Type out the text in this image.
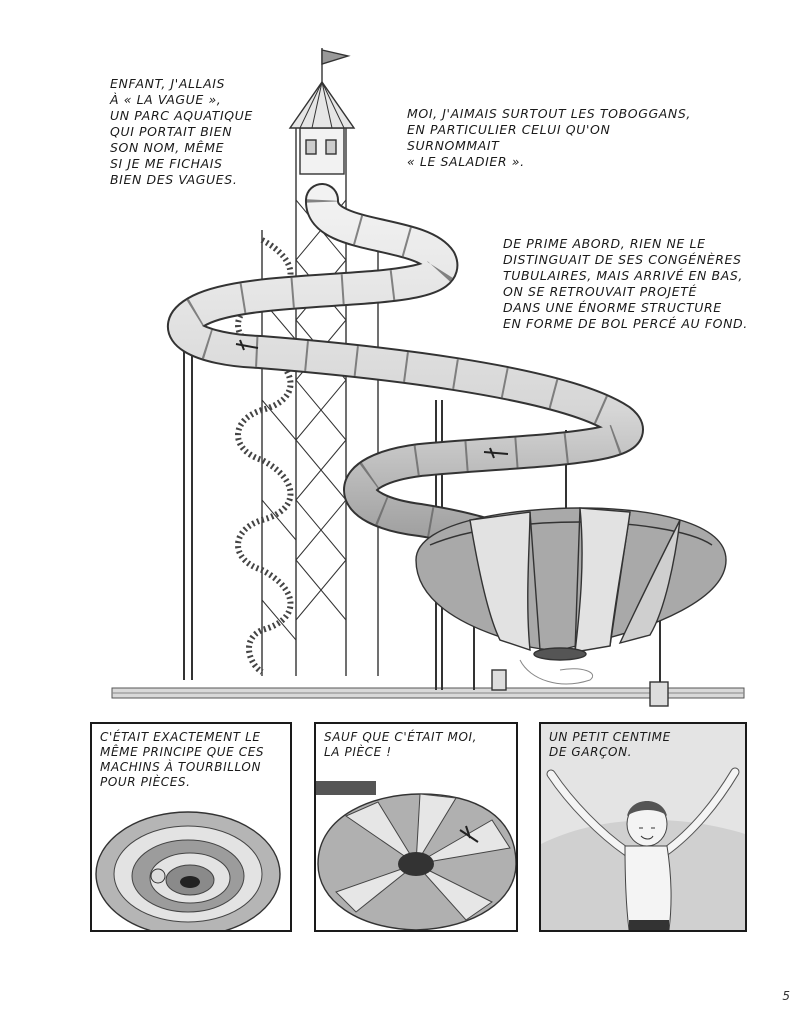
ENFANT, J'ALLAIS
À « LA VAGUE »,
UN PARC AQUATIQUE
QUI PORTAIT BIEN
SON NOM, MÊME
SI JE ME FICHAIS
BIEN DES VAGUES.
MOI, J'AIMAIS SURTOUT LES TOBOGGANS,
EN PARTICULIER CELUI QU'ON SURNOMMAIT
« LE SALADIER ».
DE PRIME ABORD, RIEN NE LE
DISTINGUAIT DE SES CONGÉNÈRES
TUBULAIRES, MAIS ARRIVÉ EN BAS,
ON SE RETROUVAIT PROJETÉ
DANS UNE ÉNORME STRUCTURE
EN FORME DE BOL PERCÉ AU FOND.
C'ÉTAIT EXACTEMENT LE
MÊME PRINCIPE QUE CES
MACHINS À TOURBILLON
POUR PIÈCES.
SAUF QUE C'ÉTAIT MOI,
LA PIÈCE !
UN PETIT CENTIME
DE GARÇON.
5
